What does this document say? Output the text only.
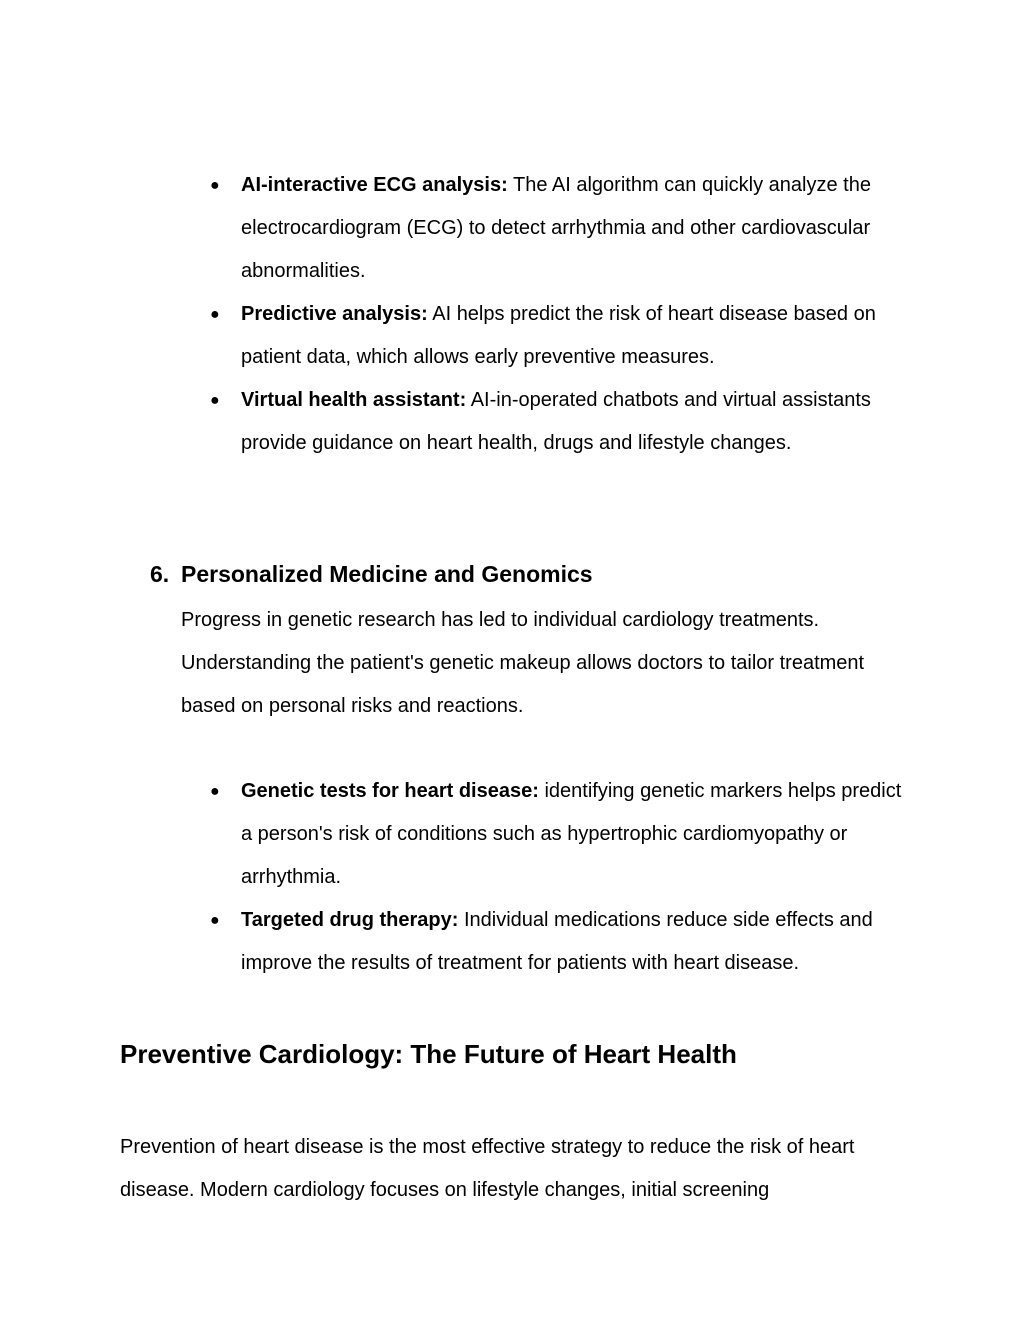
● AI-interactive ECG analysis: The AI algorithm can quickly analyze the electrocardiogram (ECG) to detect arrhythmia and other cardiovascular abnormalities.
● Predictive analysis: AI helps predict the risk of heart disease based on patient data, which allows early preventive measures.
● Virtual health assistant: AI-in-operated chatbots and virtual assistants provide guidance on heart health, drugs and lifestyle changes.
6. Personalized Medicine and Genomics

Progress in genetic research has led to individual cardiology treatments. Understanding the patient's genetic makeup allows doctors to tailor treatment based on personal risks and reactions.

● Genetic tests for heart disease: identifying genetic markers helps predict a person's risk of conditions such as hypertrophic cardiomyopathy or arrhythmia.
● Targeted drug therapy: Individual medications reduce side effects and improve the results of treatment for patients with heart disease.
Preventive Cardiology: The Future of Heart Health

Prevention of heart disease is the most effective strategy to reduce the risk of heart disease. Modern cardiology focuses on lifestyle changes, initial screening
